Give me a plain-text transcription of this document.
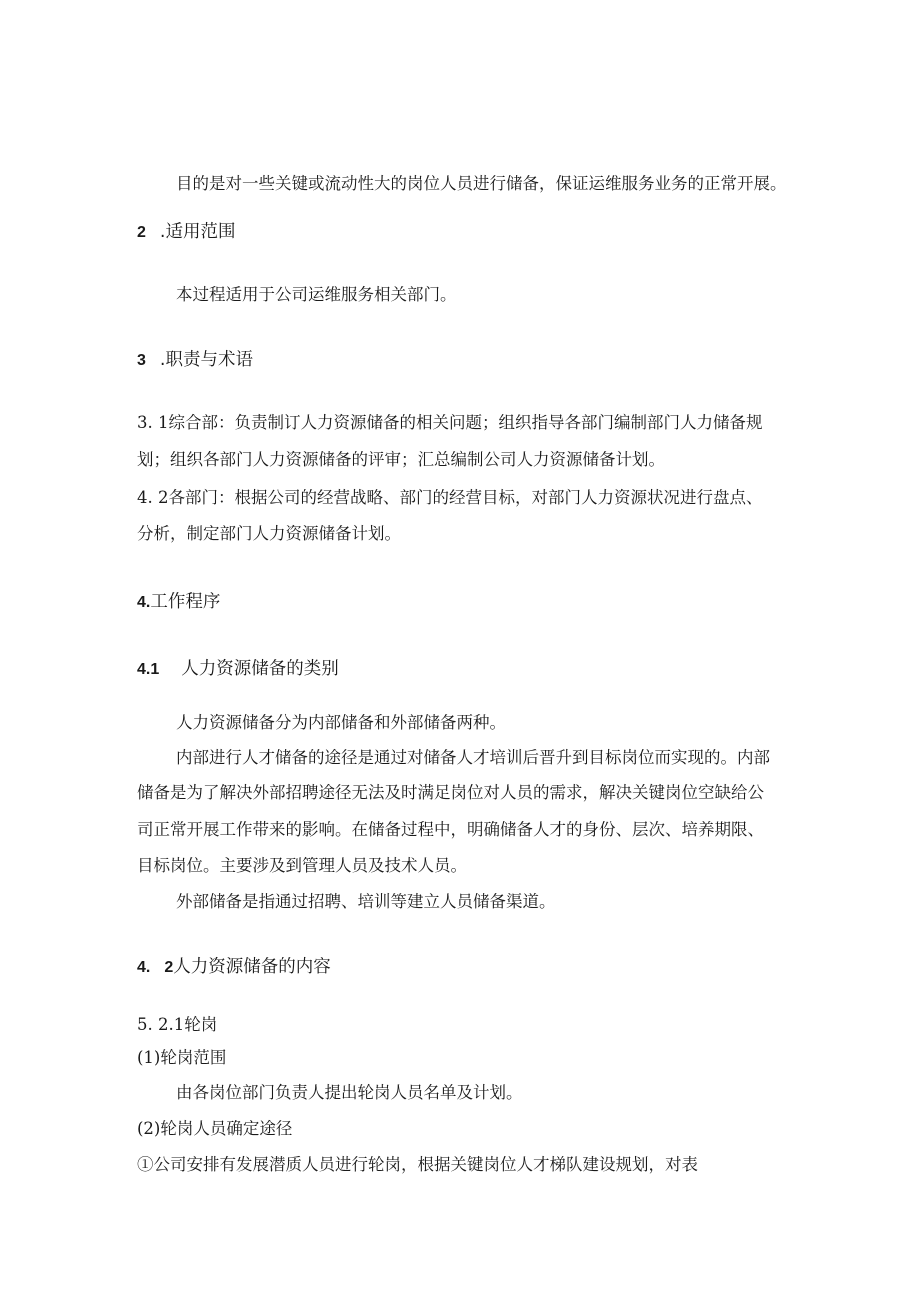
目的是对一些关键或流动性大的岗位人员进行储备，保证运维服务业务的正常开展。
2 .适用范围
本过程适用于公司运维服务相关部门。
3 .职责与术语
3. 1综合部：负责制订人力资源储备的相关问题；组织指导各部门编制部门人力储备规
划；组织各部门人力资源储备的评审；汇总编制公司人力资源储备计划。
4. 2各部门：根据公司的经营战略、部门的经营目标，对部门人力资源状况进行盘点、
分析，制定部门人力资源储备计划。
4.工作程序
4.1 人力资源储备的类别
人力资源储备分为内部储备和外部储备两种。
内部进行人才储备的途径是通过对储备人才培训后晋升到目标岗位而实现的。内部
储备是为了解决外部招聘途径无法及时满足岗位对人员的需求，解决关键岗位空缺给公
司正常开展工作带来的影响。在储备过程中，明确储备人才的身份、层次、培养期限、
目标岗位。主要涉及到管理人员及技术人员。
外部储备是指通过招聘、培训等建立人员储备渠道。
4. 2人力资源储备的内容
5. 2.1轮岗
(1)轮岗范围
由各岗位部门负责人提出轮岗人员名单及计划。
(2)轮岗人员确定途径
①公司安排有发展潜质人员进行轮岗，根据关键岗位人才梯队建设规划，对表
